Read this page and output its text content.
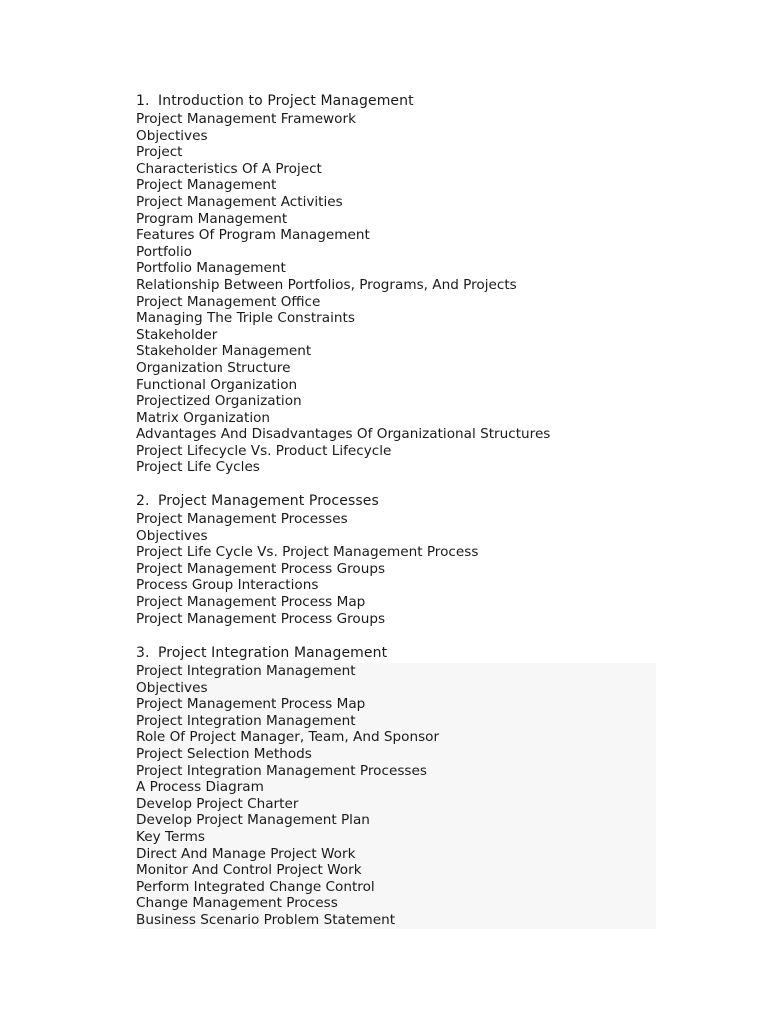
1. Introduction to Project Management
Project Management Framework
Objectives
Project
Characteristics Of A Project
Project Management
Project Management Activities
Program Management
Features Of Program Management
Portfolio
Portfolio Management
Relationship Between Portfolios, Programs, And Projects
Project Management Office
Managing The Triple Constraints
Stakeholder
Stakeholder Management
Organization Structure
Functional Organization
Projectized Organization
Matrix Organization
Advantages And Disadvantages Of Organizational Structures
Project Lifecycle Vs. Product Lifecycle
Project Life Cycles
2. Project Management Processes
Project Management Processes
Objectives
Project Life Cycle Vs. Project Management Process
Project Management Process Groups
Process Group Interactions
Project Management Process Map
Project Management Process Groups
3. Project Integration Management
Project Integration Management
Objectives
Project Management Process Map
Project Integration Management
Role Of Project Manager, Team, And Sponsor
Project Selection Methods
Project Integration Management Processes
A Process Diagram
Develop Project Charter
Develop Project Management Plan
Key Terms
Direct And Manage Project Work
Monitor And Control Project Work
Perform Integrated Change Control
Change Management Process
Business Scenario Problem Statement
